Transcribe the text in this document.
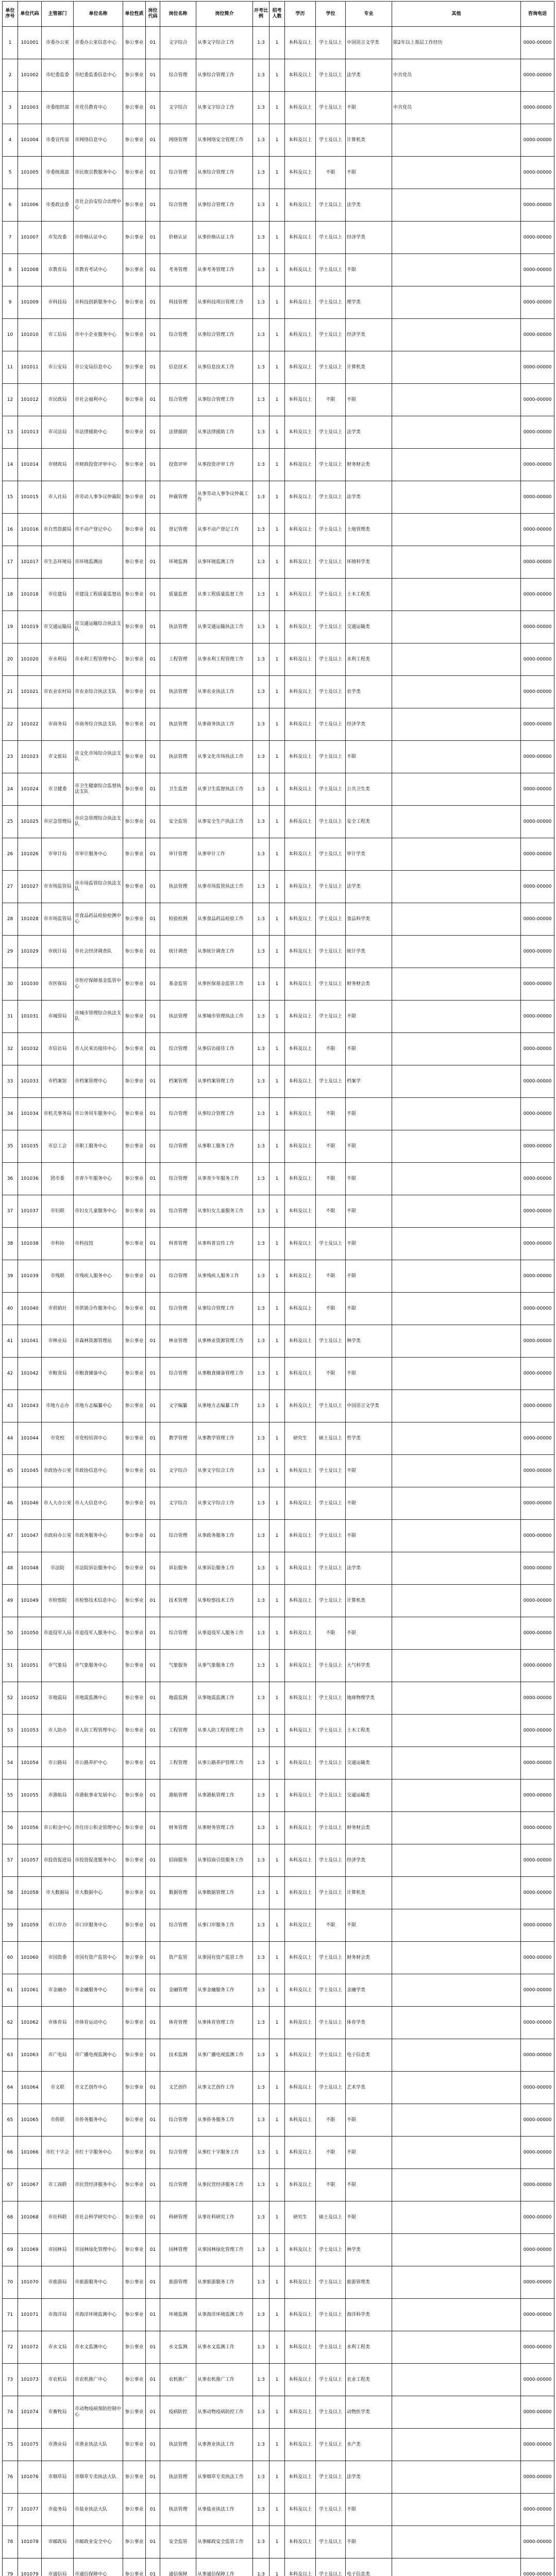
单位序号	单位代码	主管部门	单位名称	单位性质	岗位代码	岗位名称	岗位简介	开考比例	招考人数	学历	学位	专业	其他	咨询电话
1	101001	市委办公室	市委办公室信息中心	参公事业	01	文字综合	从事文字综合工作	1:3	1	本科及以上	学士及以上	中国语言文学类	限2年以上基层工作经历	0000-00000
2	101002	市纪委监委	市纪委监委信息中心	参公事业	01	综合管理	从事综合管理工作	1:3	1	本科及以上	学士及以上	法学类	中共党员	0000-00000
3	101003	市委组织部	市党员教育中心	参公事业	01	文字综合	从事文字综合工作	1:3	1	本科及以上	学士及以上	不限	中共党员	0000-00000
4	101004	市委宣传部	市网络信息中心	参公事业	01	网络管理	从事网络安全管理工作	1:3	1	本科及以上	学士及以上	计算机类		0000-00000
5	101005	市委统战部	市民族宗教服务中心	参公事业	01	综合管理	从事综合管理工作	1:3	1	本科及以上	不限	不限		0000-00000
6	101006	市委政法委	市社会治安综合治理中心	参公事业	01	综合管理	从事综合管理工作	1:3	1	本科及以上	学士及以上	法学类		0000-00000
7	101007	市发改委	市价格认证中心	参公事业	01	价格认证	从事价格认证工作	1:3	1	本科及以上	学士及以上	经济学类		0000-00000
8	101008	市教育局	市教育考试中心	参公事业	01	考务管理	从事考务管理工作	1:3	1	本科及以上	学士及以上	不限		0000-00000
9	101009	市科技局	市科技创新服务中心	参公事业	01	科技管理	从事科技项目管理工作	1:3	1	本科及以上	学士及以上	理学类		0000-00000
10	101010	市工信局	市中小企业服务中心	参公事业	01	综合管理	从事综合管理工作	1:3	1	本科及以上	学士及以上	经济学类		0000-00000
11	101011	市公安局	市公安局信息中心	参公事业	01	信息技术	从事信息技术工作	1:3	1	本科及以上	学士及以上	计算机类		0000-00000
12	101012	市民政局	市社会福利中心	参公事业	01	综合管理	从事综合管理工作	1:3	1	本科及以上	不限	不限		0000-00000
13	101013	市司法局	市法律援助中心	参公事业	01	法律援助	从事法律援助工作	1:3	1	本科及以上	学士及以上	法学类		0000-00000
14	101014	市财政局	市财政投资评审中心	参公事业	01	投资评审	从事投资评审工作	1:3	1	本科及以上	学士及以上	财务财会类		0000-00000
15	101015	市人社局	市劳动人事争议仲裁院	参公事业	01	仲裁管理	从事劳动人事争议仲裁工作	1:3	1	本科及以上	学士及以上	法学类		0000-00000
16	101016	市自然资源局	市不动产登记中心	参公事业	01	登记管理	从事不动产登记工作	1:3	1	本科及以上	学士及以上	土地管理类		0000-00000
17	101017	市生态环境局	市环境监测站	参公事业	01	环境监测	从事环境监测工作	1:3	1	本科及以上	学士及以上	环境科学类		0000-00000
18	101018	市住建局	市建设工程质量监督站	参公事业	01	质量监督	从事工程质量监督工作	1:3	1	本科及以上	学士及以上	土木工程类		0000-00000
19	101019	市交通运输局	市交通运输综合执法支队	参公事业	01	执法管理	从事交通运输执法工作	1:3	1	本科及以上	学士及以上	交通运输类		0000-00000
20	101020	市水利局	市水利工程管理中心	参公事业	01	工程管理	从事水利工程管理工作	1:3	1	本科及以上	学士及以上	水利工程类		0000-00000
21	101021	市农业农村局	市农业综合执法支队	参公事业	01	执法管理	从事农业执法工作	1:3	1	本科及以上	学士及以上	农学类		0000-00000
22	101022	市商务局	市商务综合执法支队	参公事业	01	执法管理	从事商务执法工作	1:3	1	本科及以上	学士及以上	经济学类		0000-00000
23	101023	市文旅局	市文化市场综合执法支队	参公事业	01	执法管理	从事文化市场执法工作	1:3	1	本科及以上	学士及以上	不限		0000-00000
24	101024	市卫健委	市卫生健康综合监督执法支队	参公事业	01	卫生监督	从事卫生监督执法工作	1:3	1	本科及以上	学士及以上	公共卫生类		0000-00000
25	101025	市应急管理局	市应急管理综合执法支队	参公事业	01	安全监管	从事安全生产执法工作	1:3	1	本科及以上	学士及以上	安全工程类		0000-00000
26	101026	市审计局	市审计服务中心	参公事业	01	审计管理	从事审计工作	1:3	1	本科及以上	学士及以上	审计学类		0000-00000
27	101027	市市场监管局	市市场监管综合执法支队	参公事业	01	执法管理	从事市场监管执法工作	1:3	1	本科及以上	学士及以上	法学类		0000-00000
28	101028	市市场监管局	市食品药品检验检测中心	参公事业	01	检验检测	从事食品药品检验工作	1:3	1	本科及以上	学士及以上	食品科学类		0000-00000
29	101029	市统计局	市社会经济调查队	参公事业	01	统计调查	从事统计调查工作	1:3	1	本科及以上	学士及以上	统计学类		0000-00000
30	101030	市医保局	市医疗保障基金监管中心	参公事业	01	基金监管	从事医保基金监管工作	1:3	1	本科及以上	学士及以上	财务财会类		0000-00000
31	101031	市城管局	市城市管理综合执法支队	参公事业	01	执法管理	从事城市管理执法工作	1:3	1	本科及以上	学士及以上	不限		0000-00000
32	101032	市信访局	市人民来访接待中心	参公事业	01	综合管理	从事信访接待工作	1:3	1	本科及以上	不限	不限		0000-00000
33	101033	市档案馆	市档案管理中心	参公事业	01	档案管理	从事档案管理工作	1:3	1	本科及以上	学士及以上	档案学		0000-00000
34	101034	市机关事务局	市公务用车服务中心	参公事业	01	综合管理	从事综合管理工作	1:3	1	本科及以上	不限	不限		0000-00000
35	101035	市总工会	市职工服务中心	参公事业	01	综合管理	从事职工服务工作	1:3	1	本科及以上	不限	不限		0000-00000
36	101036	团市委	市青少年服务中心	参公事业	01	综合管理	从事青少年服务工作	1:3	1	本科及以上	不限	不限		0000-00000
37	101037	市妇联	市妇女儿童服务中心	参公事业	01	综合管理	从事妇女儿童服务工作	1:3	1	本科及以上	不限	不限		0000-00000
38	101038	市科协	市科技馆	参公事业	01	科普管理	从事科普宣传工作	1:3	1	本科及以上	学士及以上	不限		0000-00000
39	101039	市残联	市残疾人服务中心	参公事业	01	综合管理	从事残疾人服务工作	1:3	1	本科及以上	不限	不限		0000-00000
40	101040	市供销社	市供销合作服务中心	参公事业	01	综合管理	从事综合管理工作	1:3	1	本科及以上	不限	不限		0000-00000
41	101041	市林业局	市森林资源管理站	参公事业	01	林业管理	从事林业资源管理工作	1:3	1	本科及以上	学士及以上	林学类		0000-00000
42	101042	市粮食局	市粮食储备中心	参公事业	01	综合管理	从事粮食储备管理工作	1:3	1	本科及以上	不限	不限		0000-00000
43	101043	市地方志办	市地方志编纂中心	参公事业	01	文字编纂	从事地方志编纂工作	1:3	1	本科及以上	学士及以上	中国语言文学类		0000-00000
44	101044	市党校	市党校培训中心	参公事业	01	教学管理	从事教学管理工作	1:3	1	研究生	硕士及以上	哲学类		0000-00000
45	101045	市政协办公室	市政协信息中心	参公事业	01	文字综合	从事文字综合工作	1:3	1	本科及以上	学士及以上	不限		0000-00000
46	101046	市人大办公室	市人大信息中心	参公事业	01	文字综合	从事文字综合工作	1:3	1	本科及以上	学士及以上	不限		0000-00000
47	101047	市政府办公室	市政务服务中心	参公事业	01	综合管理	从事政务服务工作	1:3	1	本科及以上	学士及以上	不限		0000-00000
48	101048	市法院	市法院诉讼服务中心	参公事业	01	诉讼服务	从事诉讼服务工作	1:3	1	本科及以上	学士及以上	法学类		0000-00000
49	101049	市检察院	市检察技术信息中心	参公事业	01	技术管理	从事检察技术工作	1:3	1	本科及以上	学士及以上	计算机类		0000-00000
50	101050	市退役军人局	市退役军人服务中心	参公事业	01	综合管理	从事退役军人服务工作	1:3	1	本科及以上	不限	不限		0000-00000
51	101051	市气象局	市气象服务中心	参公事业	01	气象服务	从事气象服务工作	1:3	1	本科及以上	学士及以上	大气科学类		0000-00000
52	101052	市地震局	市地震监测中心	参公事业	01	地震监测	从事地震监测工作	1:3	1	本科及以上	学士及以上	地球物理学类		0000-00000
53	101053	市人防办	市人防工程管理中心	参公事业	01	工程管理	从事人防工程管理工作	1:3	1	本科及以上	学士及以上	土木工程类		0000-00000
54	101054	市公路局	市公路养护中心	参公事业	01	工程管理	从事公路养护管理工作	1:3	1	本科及以上	学士及以上	交通运输类		0000-00000
55	101055	市港航局	市港航事业发展中心	参公事业	01	港航管理	从事港航管理工作	1:3	1	本科及以上	学士及以上	交通运输类		0000-00000
56	101056	市公积金中心	市住房公积金管理中心	参公事业	01	财务管理	从事财务管理工作	1:3	1	本科及以上	学士及以上	财务财会类		0000-00000
57	101057	市投资促进局	市投资促进服务中心	参公事业	01	招商服务	从事招商引资服务工作	1:3	1	本科及以上	学士及以上	经济学类		0000-00000
58	101058	市大数据局	市大数据中心	参公事业	01	数据管理	从事数据管理工作	1:3	1	本科及以上	学士及以上	计算机类		0000-00000
59	101059	市口岸办	市口岸服务中心	参公事业	01	综合管理	从事口岸服务工作	1:3	1	本科及以上	不限	不限		0000-00000
60	101060	市国资委	市国有资产监管中心	参公事业	01	资产监管	从事国有资产监管工作	1:3	1	本科及以上	学士及以上	财务财会类		0000-00000
61	101061	市金融办	市金融服务中心	参公事业	01	金融管理	从事金融服务工作	1:3	1	本科及以上	学士及以上	金融学类		0000-00000
62	101062	市体育局	市体育运动中心	参公事业	01	体育管理	从事体育管理工作	1:3	1	本科及以上	学士及以上	体育学类		0000-00000
63	101063	市广电局	市广播电视监测中心	参公事业	01	技术监测	从事广播电视监测工作	1:3	1	本科及以上	学士及以上	电子信息类		0000-00000
64	101064	市文联	市文艺创作中心	参公事业	01	文艺创作	从事文艺创作工作	1:3	1	本科及以上	学士及以上	艺术学类		0000-00000
65	101065	市侨联	市侨务服务中心	参公事业	01	综合管理	从事侨务服务工作	1:3	1	本科及以上	不限	不限		0000-00000
66	101066	市红十字会	市红十字服务中心	参公事业	01	综合管理	从事红十字服务工作	1:3	1	本科及以上	不限	不限		0000-00000
67	101067	市工商联	市民营经济服务中心	参公事业	01	综合管理	从事民营经济服务工作	1:3	1	本科及以上	不限	不限		0000-00000
68	101068	市社科联	市社会科学研究中心	参公事业	01	科研管理	从事社科研究工作	1:3	1	研究生	硕士及以上	不限		0000-00000
69	101069	市园林局	市园林绿化管理中心	参公事业	01	园林管理	从事园林绿化管理工作	1:3	1	本科及以上	学士及以上	林学类		0000-00000
70	101070	市旅游局	市旅游服务中心	参公事业	01	旅游管理	从事旅游服务工作	1:3	1	本科及以上	学士及以上	旅游管理类		0000-00000
71	101071	市海洋局	市海洋环境监测中心	参公事业	01	环境监测	从事海洋环境监测工作	1:3	1	本科及以上	学士及以上	海洋科学类		0000-00000
72	101072	市水文局	市水文监测中心	参公事业	01	水文监测	从事水文监测工作	1:3	1	本科及以上	学士及以上	水利工程类		0000-00000
73	101073	市农机局	市农机推广中心	参公事业	01	农机推广	从事农机推广工作	1:3	1	本科及以上	学士及以上	农业工程类		0000-00000
74	101074	市畜牧局	市动物疫病预防控制中心	参公事业	01	疫病防控	从事动物疫病防控工作	1:3	1	本科及以上	学士及以上	动物医学类		0000-00000
75	101075	市渔业局	市渔业执法大队	参公事业	01	执法管理	从事渔业执法工作	1:3	1	本科及以上	学士及以上	水产类		0000-00000
76	101076	市烟草局	市烟草专卖执法大队	参公事业	01	执法管理	从事烟草专卖执法工作	1:3	1	本科及以上	学士及以上	法学类		0000-00000
77	101077	市盐务局	市盐业执法大队	参公事业	01	执法管理	从事盐业执法工作	1:3	1	本科及以上	学士及以上	不限		0000-00000
78	101078	市邮政局	市邮政业安全中心	参公事业	01	安全监管	从事邮政安全监管工作	1:3	1	本科及以上	学士及以上	不限		0000-00000
79	101079	市通信局	市通信保障中心	参公事业	01	通信保障	从事通信保障工作	1:3	1	本科及以上	学士及以上	电子信息类		0000-00000
